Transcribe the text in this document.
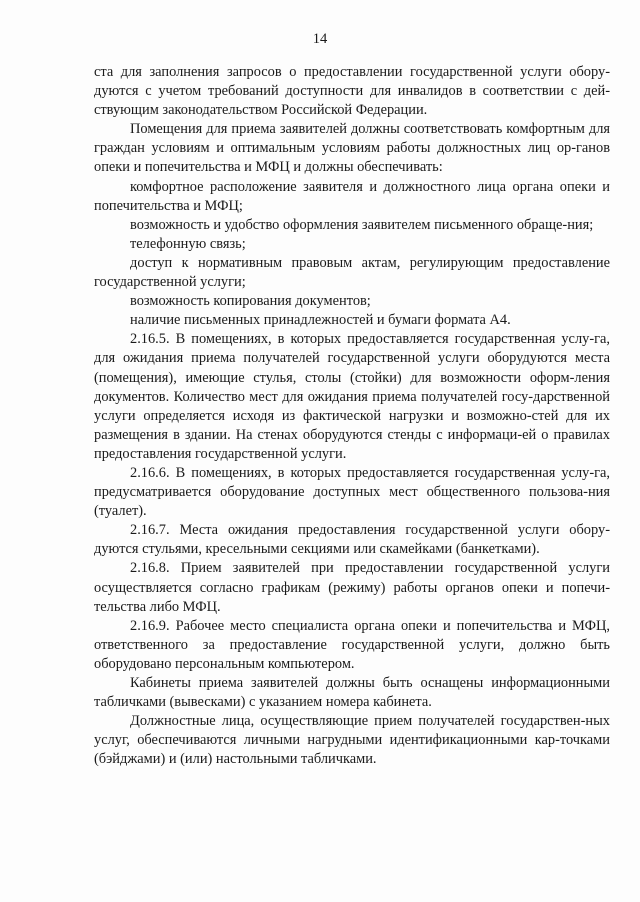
14

ста для заполнения запросов о предоставлении государственной услуги обору-дуются с учетом требований доступности для инвалидов в соответствии с дей-ствующим законодательством Российской Федерации.

Помещения для приема заявителей должны соответствовать комфортным для граждан условиям и оптимальным условиям работы должностных лиц ор-ганов опеки и попечительства и МФЦ и должны обеспечивать:

комфортное расположение заявителя и должностного лица органа опеки и попечительства и МФЦ;

возможность и удобство оформления заявителем письменного обраще-ния;

телефонную связь;

доступ к нормативным правовым актам, регулирующим предоставление государственной услуги;

возможность копирования документов;

наличие письменных принадлежностей и бумаги формата А4.

2.16.5. В помещениях, в которых предоставляется государственная услу-га, для ожидания приема получателей государственной услуги оборудуются места (помещения), имеющие стулья, столы (стойки) для возможности оформ-ления документов. Количество мест для ожидания приема получателей госу-дарственной услуги определяется исходя из фактической нагрузки и возможно-стей для их размещения в здании. На стенах оборудуются стенды с информаци-ей о правилах предоставления государственной услуги.

2.16.6. В помещениях, в которых предоставляется государственная услу-га, предусматривается оборудование доступных мест общественного пользова-ния (туалет).

2.16.7. Места ожидания предоставления государственной услуги обору-дуются стульями, кресельными секциями или скамейками (банкетками).

2.16.8. Прием заявителей при предоставлении государственной услуги осуществляется согласно графикам (режиму) работы органов опеки и попечи-тельства либо МФЦ.

2.16.9. Рабочее место специалиста органа опеки и попечительства и МФЦ, ответственного за предоставление государственной услуги, должно быть оборудовано персональным компьютером.

Кабинеты приема заявителей должны быть оснащены информационными табличками (вывесками) с указанием номера кабинета.

Должностные лица, осуществляющие прием получателей государствен-ных услуг, обеспечиваются личными нагрудными идентификационными кар-точками (бэйджами) и (или) настольными табличками.
